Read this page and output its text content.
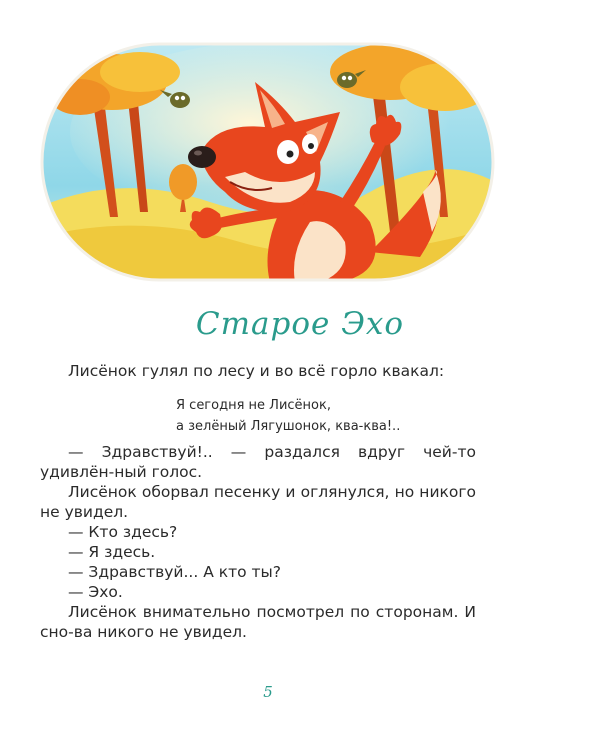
Старое Эхо

Лисёнок гулял по лесу и во всё горло квакал:

Я сегодня не Лисёнок,
а зелёный Лягушонок, ква-ква!..

— Здравствуй!.. — раздался вдруг чей-то удивлён-ный голос.

Лисёнок оборвал песенку и оглянулся, но никого не увидел.

— Кто здесь?

— Я здесь.

— Здравствуй... А кто ты?

— Эхо.

Лисёнок внимательно посмотрел по сторонам. И сно-ва никого не увидел.

5
